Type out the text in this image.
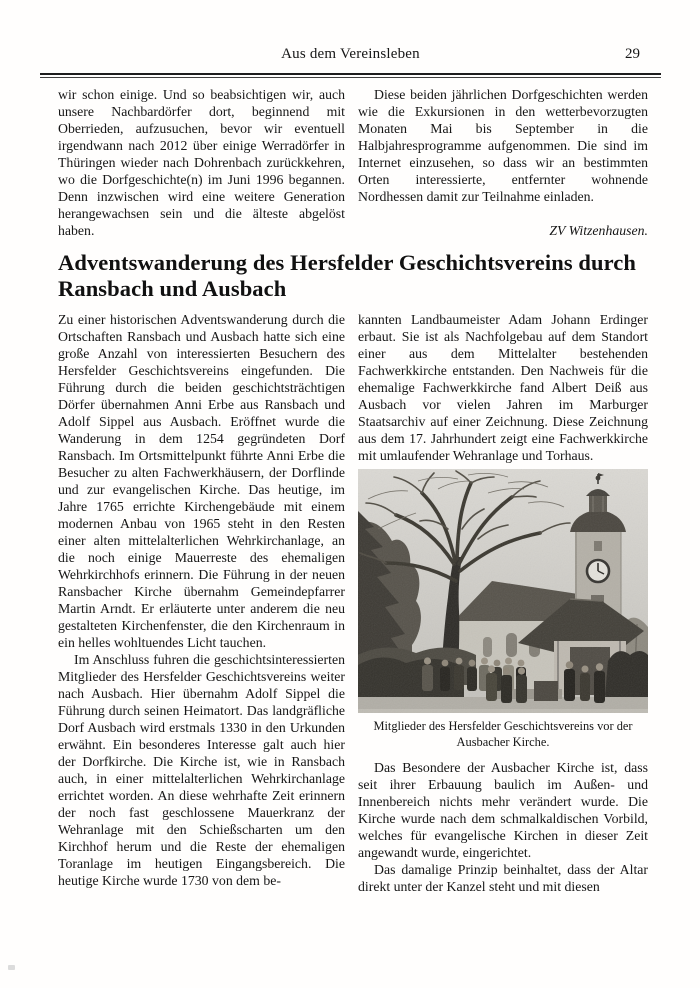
Aus dem Vereinsleben	29

wir schon einige. Und so beabsichtigen wir, auch unsere Nachbardörfer dort, beginnend mit Oberrieden, aufzusuchen, bevor wir eventuell irgendwann nach 2012 über einige Werradörfer in Thüringen wieder nach Dohrenbach zurückkehren, wo die Dorfgeschichte(n) im Juni 1996 begannen. Denn inzwischen wird eine weitere Generation herangewachsen sein und die älteste abgelöst haben.

Diese beiden jährlichen Dorfgeschichten werden wie die Exkursionen in den wetterbevorzugten Monaten Mai bis September in die Halbjahresprogramme aufgenommen. Die sind im Internet einzusehen, so dass wir an bestimmten Orten interessierte, entfernter wohnende Nordhessen damit zur Teilnahme einladen.

ZV Witzenhausen.
Adventswanderung des Hersfelder Geschichtsvereins durch Ransbach und Ausbach

Zu einer historischen Adventswanderung durch die Ortschaften Ransbach und Ausbach hatte sich eine große Anzahl von interessierten Besuchern des Hersfelder Geschichtsvereins eingefunden. Die Führung durch die beiden geschichtsträchtigen Dörfer übernahmen Anni Erbe aus Ransbach und Adolf Sippel aus Ausbach. Eröffnet wurde die Wanderung in dem 1254 gegründeten Dorf Ransbach. Im Ortsmittelpunkt führte Anni Erbe die Besucher zu alten Fachwerkhäusern, der Dorflinde und zur evangelischen Kirche. Das heutige, im Jahre 1765 errichte Kirchengebäude mit einem modernen Anbau von 1965 steht in den Resten einer alten mittelalterlichen Wehrkirchanlage, an die noch einige Mauerreste des ehemaligen Wehrkirchhofs erinnern. Die Führung in der neuen Ransbacher Kirche übernahm Gemeindepfarrer Martin Arndt. Er erläuterte unter anderem die neu gestalteten Kirchenfenster, die den Kirchenraum in ein helles wohltuendes Licht tauchen.

Im Anschluss fuhren die geschichtsinteressierten Mitglieder des Hersfelder Geschichtsvereins weiter nach Ausbach. Hier übernahm Adolf Sippel die Führung durch seinen Heimatort. Das landgräfliche Dorf Ausbach wird erstmals 1330 in den Urkunden erwähnt. Ein besonderes Interesse galt auch hier der Dorfkirche. Die Kirche ist, wie in Ransbach auch, in einer mittelalterlichen Wehrkirchanlage errichtet worden. An diese wehrhafte Zeit erinnern der noch fast geschlossene Mauerkranz der Wehranlage mit den Schießscharten um den Kirchhof herum und die Reste der ehemaligen Toranlage im heutigen Eingangsbereich. Die heutige Kirche wurde 1730 von dem be-

kannten Landbaumeister Adam Johann Erdinger erbaut. Sie ist als Nachfolgebau auf dem Standort einer aus dem Mittelalter bestehenden Fachwerkkirche entstanden. Den Nachweis für die ehemalige Fachwerkkirche fand Albert Deiß aus Ausbach vor vielen Jahren im Marburger Staatsarchiv auf einer Zeichnung. Diese Zeichnung aus dem 17. Jahrhundert zeigt eine Fachwerkkirche mit umlaufender Wehranlage und Torhaus.

Mitglieder des Hersfelder Geschichtsvereins vor der Ausbacher Kirche.

Das Besondere der Ausbacher Kirche ist, dass seit ihrer Erbauung baulich im Außen- und Innenbereich nichts mehr verändert wurde. Die Kirche wurde nach dem schmalkaldischen Vorbild, welches für evangelische Kirchen in dieser Zeit angewandt wurde, eingerichtet.

Das damalige Prinzip beinhaltet, dass der Altar direkt unter der Kanzel steht und mit diesen
